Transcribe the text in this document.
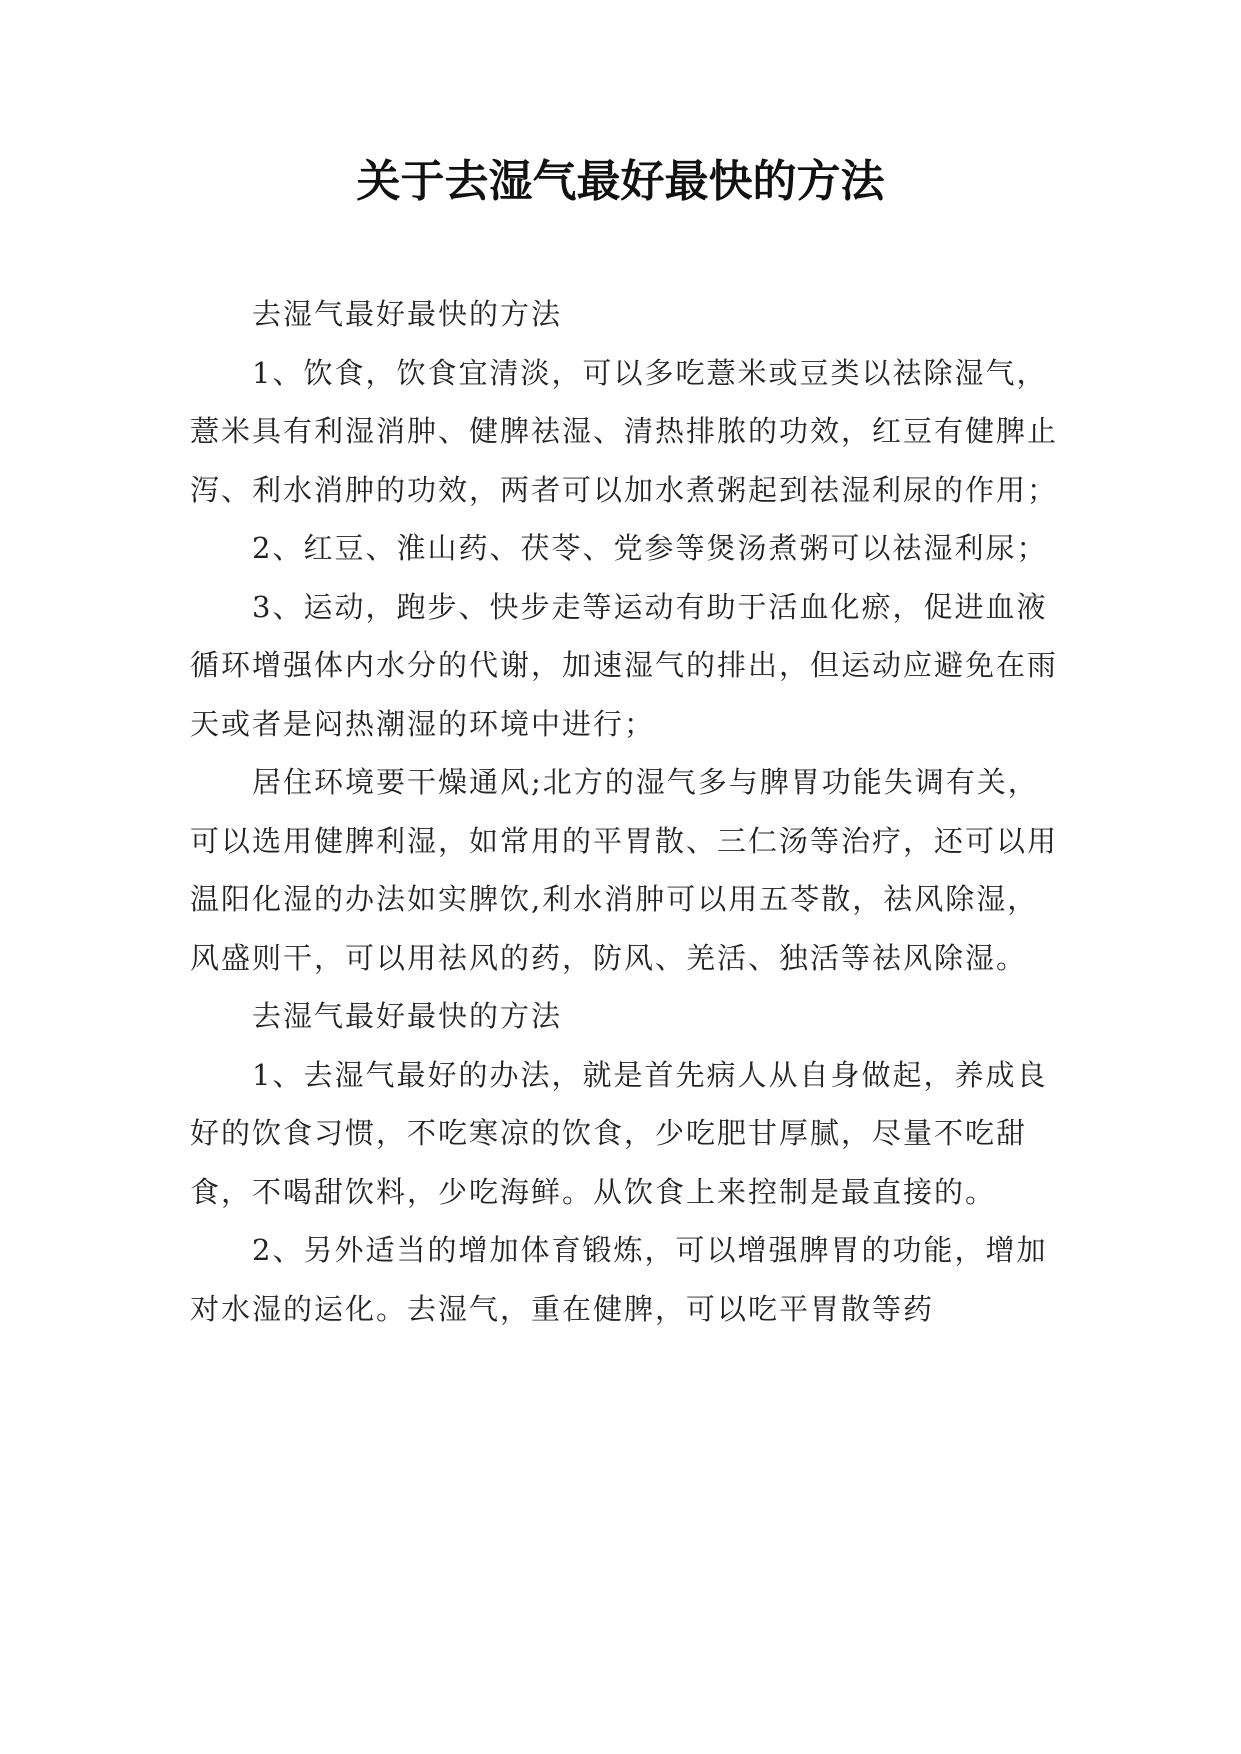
关于去湿气最好最快的方法

去湿气最好最快的方法

1、饮食，饮食宜清淡，可以多吃薏米或豆类以祛除湿气，薏米具有利湿消肿、健脾祛湿、清热排脓的功效，红豆有健脾止泻、利水消肿的功效，两者可以加水煮粥起到祛湿利尿的作用；

2、红豆、淮山药、茯苓、党参等煲汤煮粥可以祛湿利尿；

3、运动，跑步、快步走等运动有助于活血化瘀，促进血液循环增强体内水分的代谢，加速湿气的排出，但运动应避免在雨天或者是闷热潮湿的环境中进行；

居住环境要干燥通风;北方的湿气多与脾胃功能失调有关，可以选用健脾利湿，如常用的平胃散、三仁汤等治疗，还可以用温阳化湿的办法如实脾饮,利水消肿可以用五苓散，祛风除湿，风盛则干，可以用祛风的药，防风、羌活、独活等祛风除湿。

去湿气最好最快的方法

1、去湿气最好的办法，就是首先病人从自身做起，养成良好的饮食习惯，不吃寒凉的饮食，少吃肥甘厚腻，尽量不吃甜食，不喝甜饮料，少吃海鲜。从饮食上来控制是最直接的。

2、另外适当的增加体育锻炼，可以增强脾胃的功能，增加对水湿的运化。去湿气，重在健脾，可以吃平胃散等药
